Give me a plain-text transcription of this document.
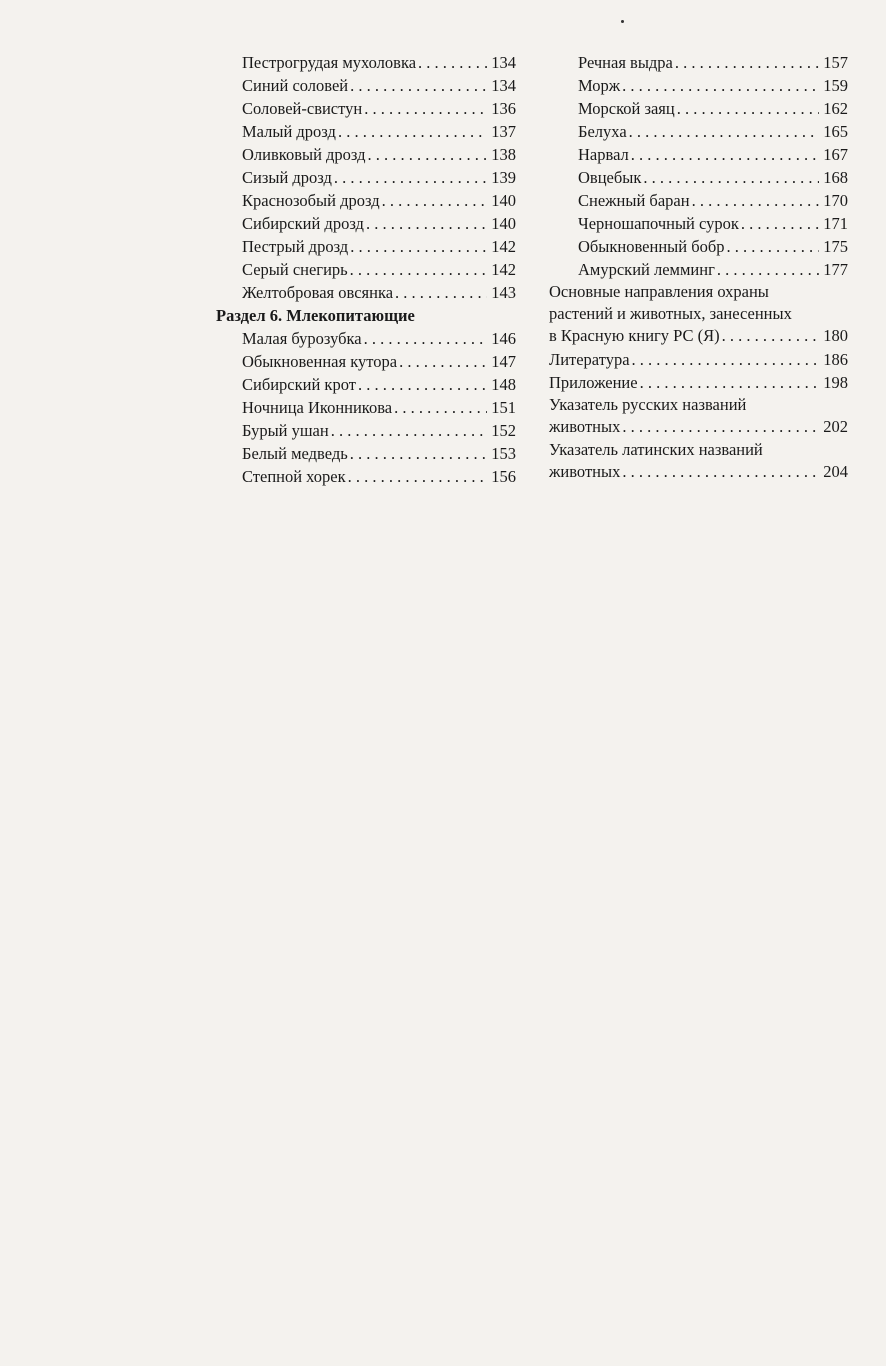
Пестрогрудая мухоловка . . .	134
Синий соловей . . .	134
Соловей-свистун . . .	136
Малый дрозд . . .	137
Оливковый дрозд . . .	138
Сизый дрозд . . .	139
Краснозобый дрозд . . .	140
Сибирский дрозд . . .	140
Пестрый дрозд . . .	142
Серый снегирь . . .	142
Желтобровая овсянка . . .	143
Раздел 6. Млекопитающие
Малая бурозубка . . .	146
Обыкновенная кутора . . .	147
Сибирский крот . . .	148
Ночница Иконникова . . .	151
Бурый ушан . . .	152
Белый медведь . . .	153
Степной хорек . . .	156
Речная выдра . . .	157
Морж . . .	159
Морской заяц . . .	162
Белуха . . .	165
Нарвал . . .	167
Овцебык . . .	168
Снежный баран . . .	170
Черношапочный сурок . . .	171
Обыкновенный бобр . . .	175
Амурский лемминг . . .	177
Основные направления охраны
растений и животных, занесенных
в Красную книгу РС (Я) . . .	180
Литература . . .	186
Приложение . . .	198
Указатель русских названий
животных . . .	202
Указатель латинских названий
животных . . .	204
